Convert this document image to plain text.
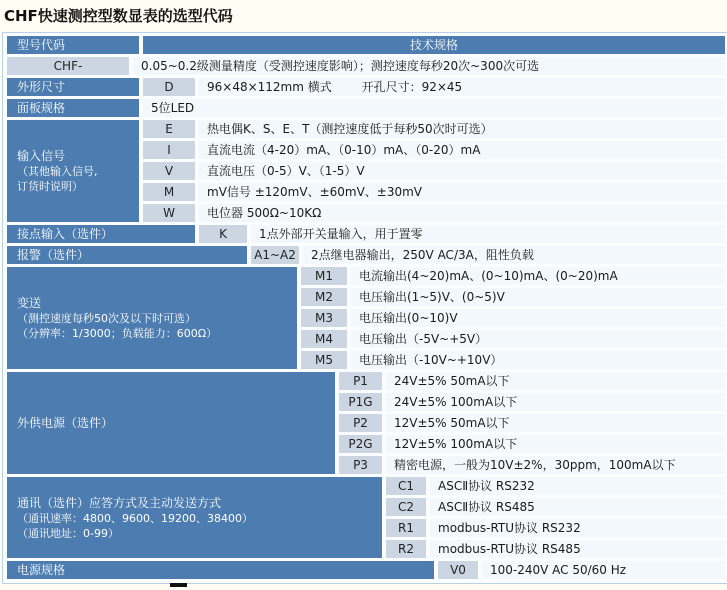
CHF快速测控型数显表的选型代码
型号代码	技术规格
CHF-	0.05~0.2级测量精度（受测控速度影响）；测控速度每秒20次~300次可选
外形尺寸	D	96×48×112mm 横式 开孔尺寸：92×45
面板规格	5位LED
输入信号
（其他输入信号,
订货时说明）
E	热电偶K、S、E、T（测控速度低于每秒50次时可选）
I	直流电流（4-20）mA、（0-10）mA、（0-20）mA
V	直流电压（0-5）V、（1-5）V
M	mV信号 ±120mV、±60mV、±30mV
W	电位器 500Ω~10KΩ
接点输入（选件）	K	1点外部开关量输入，用于置零
报警（选件）	A1~A2	2点继电器输出，250V AC/3A，阻性负载
变送
（测控速度每秒50次及以下时可选）
（分辨率：1/3000；负载能力：600Ω）
M1	电流输出(4~20)mA、(0~10)mA、(0~20)mA
M2	电压输出(1~5)V、(0~5)V
M3	电压输出(0~10)V
M4	电压输出（-5V~+5V）
M5	电压输出（-10V~+10V）
外供电源（选件）
P1	24V±5% 50mA以下
P1G	24V±5% 100mA以下
P2	12V±5% 50mA以下
P2G	12V±5% 100mA以下
P3	精密电源，一般为10V±2%，30ppm，100mA以下
通讯（选件）应答方式及主动发送方式
（通讯速率：4800、9600、19200、38400）
（通讯地址：0-99）
C1	ASCⅡ协议 RS232
C2	ASCⅡ协议 RS485
R1	modbus-RTU协议 RS232
R2	modbus-RTU协议 RS485
电源规格	V0	100-240V AC 50/60 Hz
